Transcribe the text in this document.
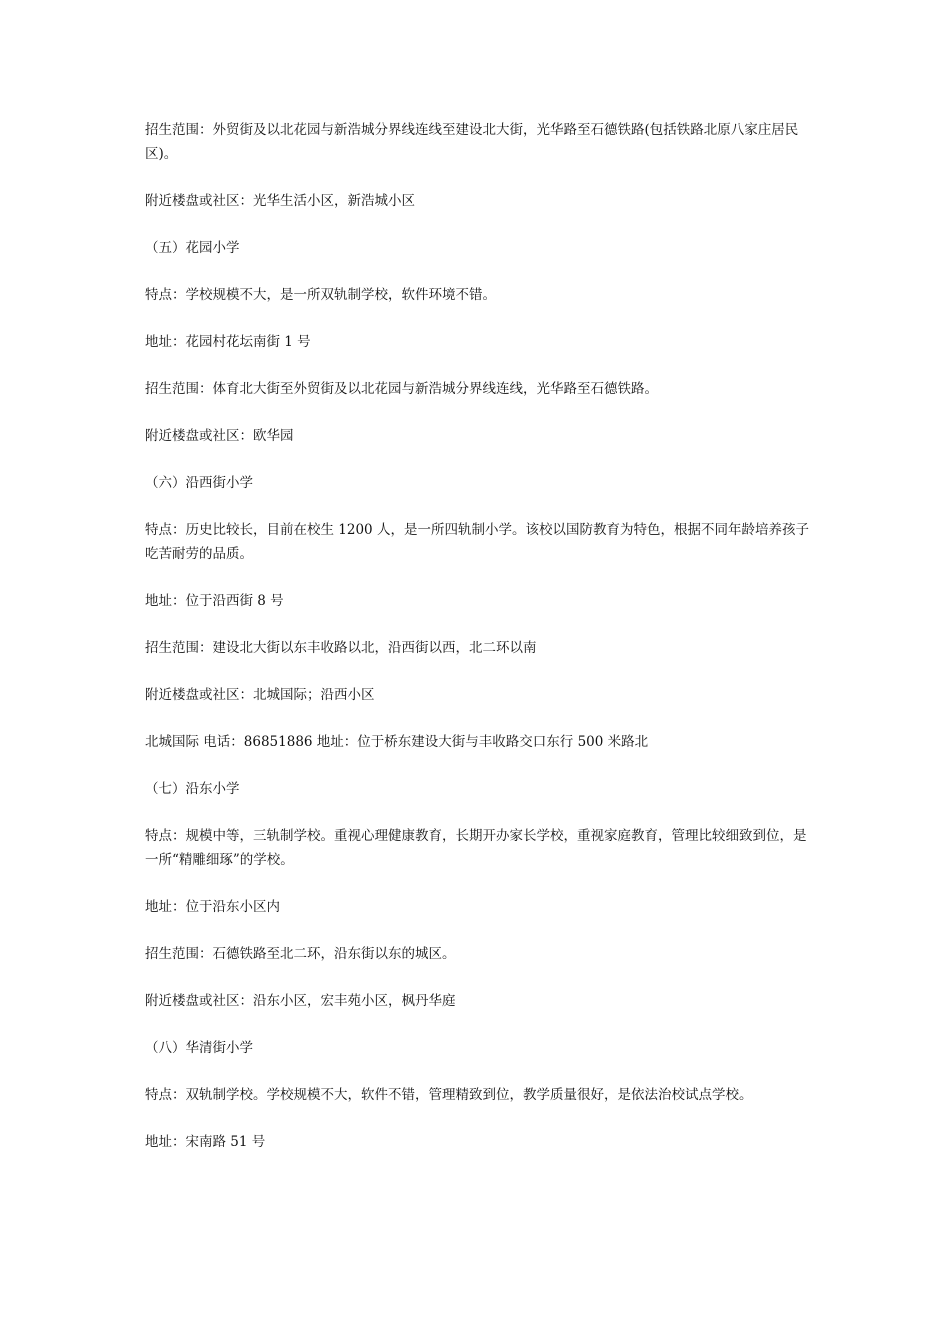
招生范围：外贸街及以北花园与新浩城分界线连线至建设北大街，光华路至石德铁路(包括铁路北原八家庄居民区)。

附近楼盘或社区：光华生活小区，新浩城小区

（五）花园小学

特点：学校规模不大，是一所双轨制学校，软件环境不错。

地址：花园村花坛南街 1 号

招生范围：体育北大街至外贸街及以北花园与新浩城分界线连线，光华路至石德铁路。

附近楼盘或社区：欧华园

（六）沿西街小学

特点：历史比较长，目前在校生 1200 人，是一所四轨制小学。该校以国防教育为特色，根据不同年龄培养孩子吃苦耐劳的品质。

地址：位于沿西街 8 号

招生范围：建设北大街以东丰收路以北，沿西街以西，北二环以南

附近楼盘或社区：北城国际；沿西小区

北城国际 电话：86851886 地址：位于桥东建设大街与丰收路交口东行 500 米路北

（七）沿东小学

特点：规模中等，三轨制学校。重视心理健康教育，长期开办家长学校，重视家庭教育，管理比较细致到位，是一所“精雕细琢”的学校。

地址：位于沿东小区内

招生范围：石德铁路至北二环，沿东街以东的城区。

附近楼盘或社区：沿东小区，宏丰苑小区，枫丹华庭

（八）华清街小学

特点：双轨制学校。学校规模不大，软件不错，管理精致到位，教学质量很好，是依法治校试点学校。

地址：宋南路 51 号
